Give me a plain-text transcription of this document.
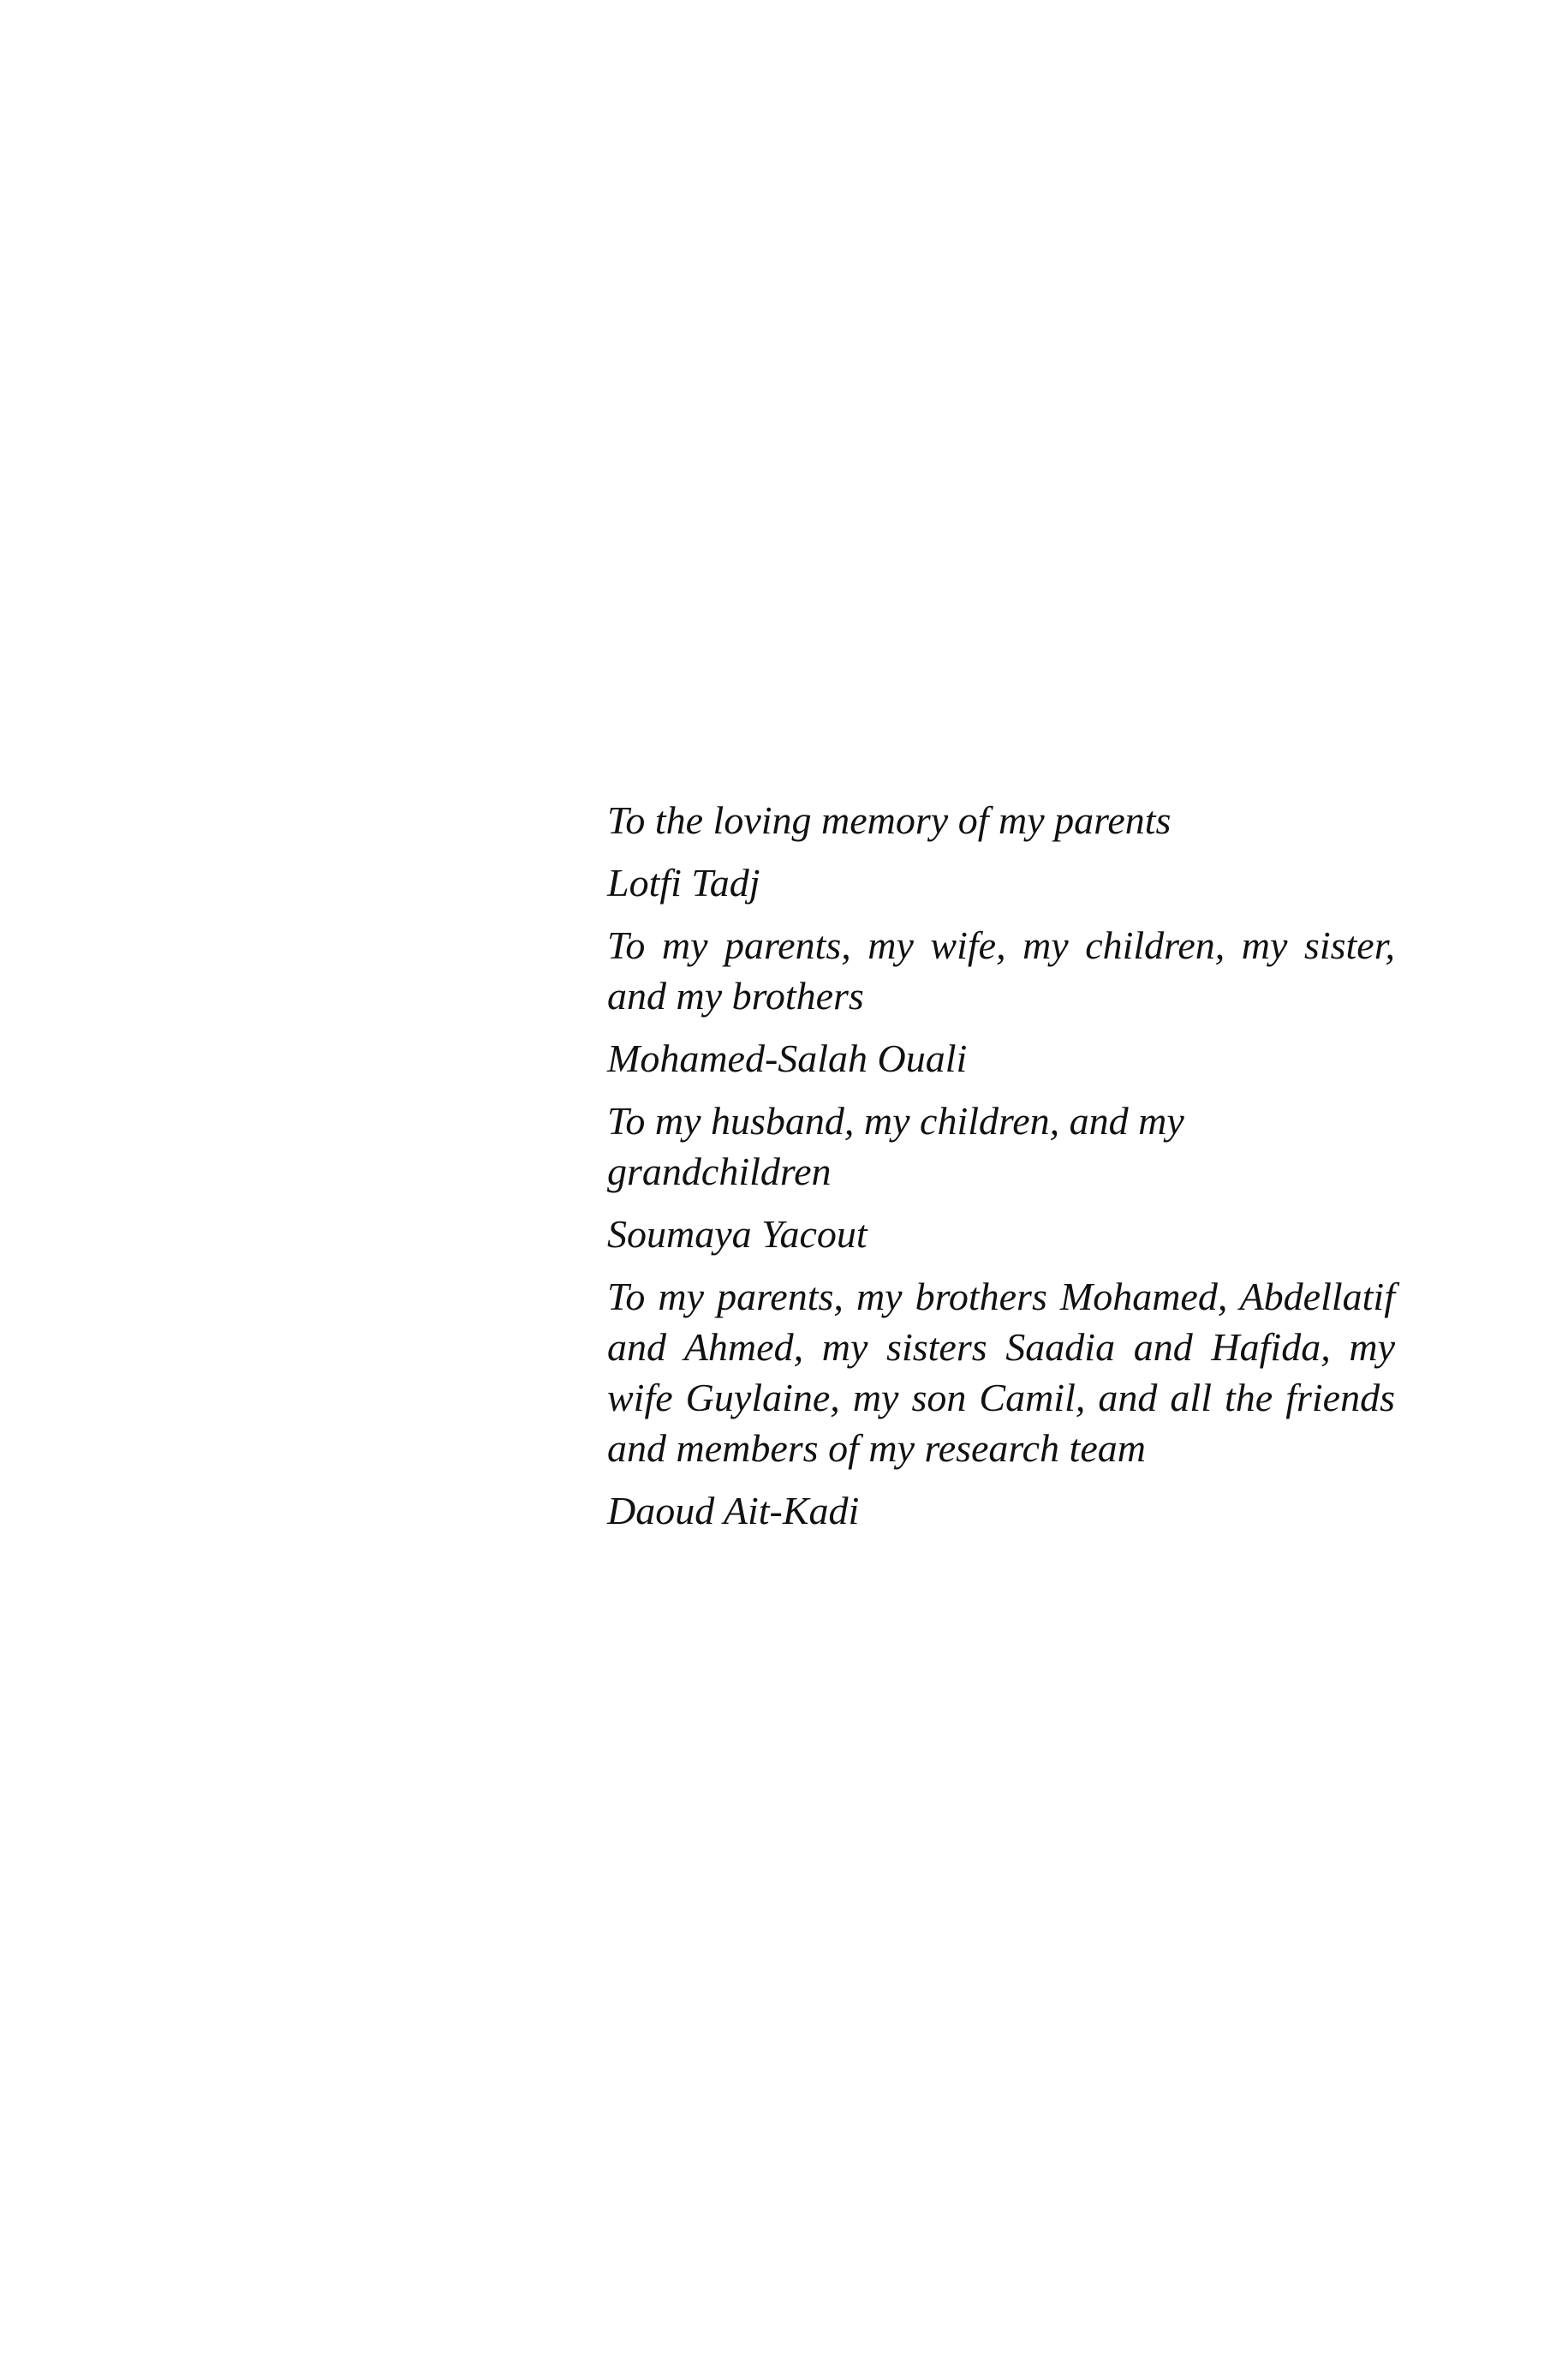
To the loving memory of my parents

Lotfi Tadj

To my parents, my wife, my children, my sister, and my brothers

Mohamed-Salah Ouali

To my husband, my children, and my grandchildren

Soumaya Yacout

To my parents, my brothers Mohamed, Abdellatif and Ahmed, my sisters Saadia and Hafida, my wife Guylaine, my son Camil, and all the friends and members of my research team

Daoud Ait-Kadi
